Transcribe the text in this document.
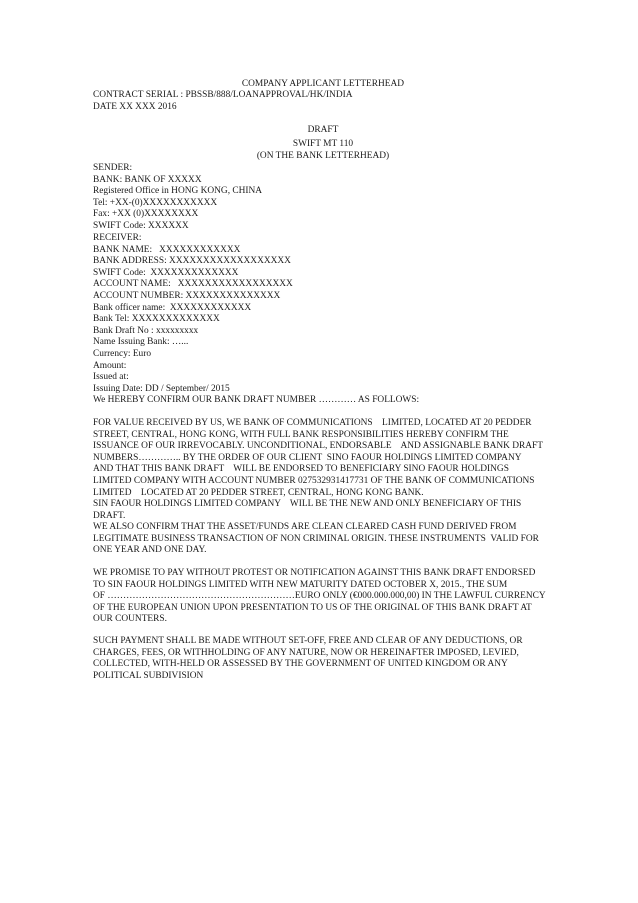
COMPANY APPLICANT LETTERHEAD
CONTRACT SERIAL : PBSSB/888/LOANAPPROVAL/HK/INDIA
DATE XX XXX 2016
DRAFT
SWIFT MT 110
(ON THE BANK LETTERHEAD)
SENDER:
BANK: BANK OF XXXXX
Registered Office in HONG KONG, CHINA
Tel: +XX-(0)XXXXXXXXXXX
Fax: +XX (0)XXXXXXXX
SWIFT Code: XXXXXX
RECEIVER:
BANK NAME:   XXXXXXXXXXXX
BANK ADDRESS: XXXXXXXXXXXXXXXXXX
SWIFT Code:  XXXXXXXXXXXXX
ACCOUNT NAME:   XXXXXXXXXXXXXXXXX
ACCOUNT NUMBER: XXXXXXXXXXXXXX
Bank officer name:  XXXXXXXXXXXX
Bank Tel: XXXXXXXXXXXXX
Bank Draft No : xxxxxxxxx
Name Issuing Bank: …...
Currency: Euro
Amount:
Issued at:
Issuing Date: DD / September/ 2015
We HEREBY CONFIRM OUR BANK DRAFT NUMBER ………… AS FOLLOWS:
FOR VALUE RECEIVED BY US, WE BANK OF COMMUNICATIONS    LIMITED, LOCATED AT 20 PEDDER
STREET, CENTRAL, HONG KONG, WITH FULL BANK RESPONSIBILITIES HEREBY CONFIRM THE
ISSUANCE OF OUR IRREVOCABLY. UNCONDITIONAL, ENDORSABLE    AND ASSIGNABLE BANK DRAFT
NUMBERS………….. BY THE ORDER OF OUR CLIENT  SINO FAOUR HOLDINGS LIMITED COMPANY
AND THAT THIS BANK DRAFT    WILL BE ENDORSED TO BENEFICIARY SINO FAOUR HOLDINGS
LIMITED COMPANY WITH ACCOUNT NUMBER 027532931417731 OF THE BANK OF COMMUNICATIONS
LIMITED    LOCATED AT 20 PEDDER STREET, CENTRAL, HONG KONG BANK.
SIN FAOUR HOLDINGS LIMITED COMPANY    WILL BE THE NEW AND ONLY BENEFICIARY OF THIS
DRAFT.
WE ALSO CONFIRM THAT THE ASSET/FUNDS ARE CLEAN CLEARED CASH FUND DERIVED FROM
LEGITIMATE BUSINESS TRANSACTION OF NON CRIMINAL ORIGIN. THESE INSTRUMENTS  VALID FOR
ONE YEAR AND ONE DAY.
WE PROMISE TO PAY WITHOUT PROTEST OR NOTIFICATION AGAINST THIS BANK DRAFT ENDORSED
TO SIN FAOUR HOLDINGS LIMITED WITH NEW MATURITY DATED OCTOBER X, 2015., THE SUM
OF ……………………………………………………EURO ONLY (€000.000.000,00) IN THE LAWFUL CURRENCY
OF THE EUROPEAN UNION UPON PRESENTATION TO US OF THE ORIGINAL OF THIS BANK DRAFT AT
OUR COUNTERS.
SUCH PAYMENT SHALL BE MADE WITHOUT SET-OFF, FREE AND CLEAR OF ANY DEDUCTIONS, OR
CHARGES, FEES, OR WITHHOLDING OF ANY NATURE, NOW OR HEREINAFTER IMPOSED, LEVIED,
COLLECTED, WITH-HELD OR ASSESSED BY THE GOVERNMENT OF UNITED KINGDOM OR ANY
POLITICAL SUBDIVISION
